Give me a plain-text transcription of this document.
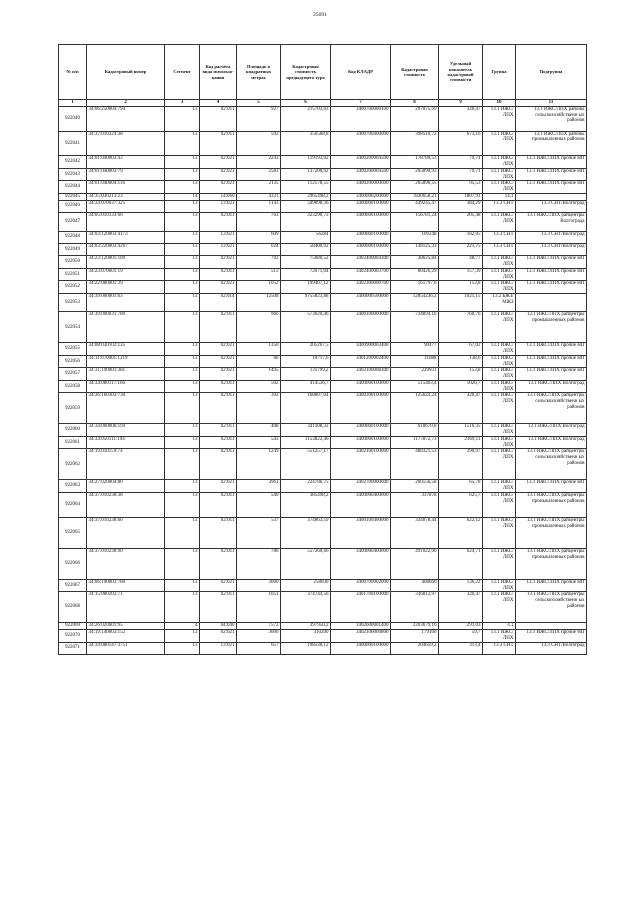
25091
№ п/п	Кадастровый номер	Сегмент	Код расчёта вида использо-вания	Площадь в квадратных метрах	Кадастровая стоимость предыдущего тура	Код КЛАДР	Кадастровая стоимость	Удельный показатель кадастровой стоимости	Группа	Подгруппа
1	2	3	4	5	6	7	8	9	10	11
922040	34:06:250004:794	13	02:011	927	215703,63	3400700000100	297075,69	320,47	13.1 ИЖС/ЛПХ	13.1 ИЖС/ЛПХ районы сельскохозяйственн ых районов
922041	34:37:010324:38	13	02:011	592	356568,8	3400700400000	398510,72	673,16	13.1 ИЖС/ЛПХ	13.1 ИЖС/ЛПХ районы промышленных районов
922042	34:01:040003:43	13	02:021	2243	119193,02	3400200004500	178789,53	79,71	13.1 ИЖС/ЛПХ	13.1 ИЖС/ЛПХ прочие НП
922043	34:01:040003:79	13	02:021	2583	137200,62	3400200004500	205890,93	79,71	13.1 ИЖС/ЛПХ	13.1 ИЖС/ЛПХ прочие НП
922044	34:01:040004:116	13	02:021	2135	112578,55	3400200000600	205896,55	95,53	13.1 ИЖС/ЛПХ	13.1 ИЖС/ЛПХ прочие НП
922045	34:35:030213:23	14	14:060	4331	2965498,2	3400000200000	7830658,21	1807,91	14.1	
922046	34:34:070037:325	13	13:021	1143	509898,36	3400000100000	439245,47	384,29	13.3 СНТ	13.3 СНТ/Волгоград
922047	34:05:010133:66	13	02:011	763	323290,73	3400600100000	156781,24	205,48	13.1 ИЖС/ЛПХ	13.1 ИЖС/ЛПХ райцентры Волгограда
922048	34:03:120003:4173	13	13:021	609	56284	3400000100000	109248	182,05	13.3 СНТ	13.3 СНТ/Волгоград
922049	34:03:220003:4267	13	13:021	624	58400,02	3400000100000	138125,33	221,75	13.3 СНТ	13.3 СНТ/Волгоград
922050	34:23:120001:109	13	02:021	792	75080,52	3402400004300	38625,84	48,77	13.1 ИЖС/ЛПХ	13.1 ИЖС/ЛПХ прочие НП
922051	34:23:070001:19	13	02:011	513	72071,04	3402400003700	80426,29	157,39	13.1 ИЖС/ЛПХ	13.1 ИЖС/ЛПХ прочие НП
922052	34:22:080001:39	13	02:021	1052	199407,12	3402300000700	161797,6	153,8	13.1 ИЖС/ЛПХ	13.1 ИЖС/ЛПХ прочие НП
922053	34:39:000001:63	13	02:014	12508	9755823,88	3400000500000	12854236,2	1021,15	13.2 БЖЗ/МЖЗ	
922054	34:39:000031:789	13	02:011	966	573620,46	3400100000000	734894,16	760,76	13.1 ИЖС/ЛПХ	13.1 ИЖС/ЛПХ райцентры промышленных районов
922055	34:08:030102:135	13	02:021	1350	205267,5	3400900003400	90477	67,02	13.1 ИЖС/ЛПХ	13.1 ИЖС/ЛПХ прочие НП
922056	34:11:070001:1319	13	02:021	80	10717,6	3401200002400	11088	138,6	13.1 ИЖС/ЛПХ	13.1 ИЖС/ЛПХ прочие НП
922057	34:31:190001:381	13	02:021	1495	131799,2	3403100008300	229931	153,8	13.1 ИЖС/ЛПХ	13.1 ИЖС/ЛПХ прочие НП
922058	34:34:080117:166	13	02:011	502	414536,7	3400000100000	515403,4	1026,7	13.1 ИЖС/ЛПХ	13.1 ИЖС/ЛПХ Волгоград
922059	34:36:160303:730	13	02:011	392	168807,04	3400300100000	125624,24	320,47	13.1 ИЖС/ЛПХ	13.1 ИЖС/ЛПХ райцентры сельскохозяйственн ых районов
922060	34:34:060006:194	13	02:011	408	341308,32	3400000100000	618670,8	1516,35	13.1 ИЖС/ЛПХ	13.1 ИЖС/ЛПХ Волгоград
922061	34:34:050111:194	13	02:011	543	1153822,46	3400000100000	1177872,73	2169,11	13.1 ИЖС/ЛПХ	13.1 ИЖС/ЛПХ Волгоград
922062	34:19:010159:74	13	02:011	1249	551257,17	3402100100000	488321,53	390,97	13.1 ИЖС/ЛПХ	13.1 ИЖС/ЛПХ райцентры сельскохозяйственн ых районов
922063	34:27:020004:80	13	02:021	3961	224786,75	3402700000600	260556,58	65,78	13.1 ИЖС/ЛПХ	13.1 ИЖС/ЛПХ прочие НП
922064	34:37:010238:38	13	02:011	540	385498,2	3400000400000	337878	625,7	13.1 ИЖС/ЛПХ	13.1 ИЖС/ЛПХ райцентры промышленных районов
922065	34:37:010238:66	13	02:011	537	374863,59	3400100400000	334078,44	622,12	13.1 ИЖС/ЛПХ	13.1 ИЖС/ЛПХ райцентры промышленных районов
922066	34:37:010238:90	13	02:011	786	557360,66	3400000400000	491022,06	624,71	13.1 ИЖС/ЛПХ	13.1 ИЖС/ЛПХ райцентры промышленных районов
922067	34:06:190003:780	13	02:021	3000	258030	3400700002000	408660	136,22	13.1 ИЖС/ЛПХ	13.1 ИЖС/ЛПХ прочие НП
922068	34:15:080203:71	13	02:011	1051	374744,56	3401700100000	336813,97	320,47	13.1 ИЖС/ЛПХ	13.1 ИЖС/ЛПХ райцентры сельскохозяйственн ых районов
922069	34:26:020601:95	4	04:040	7572	397950,2	3402600001400	2203679,16	291,03	4.1	
922070	34:19:140003:152	13	02:021	3000	310200	3402100000800	179100	59,7	13.1 ИЖС/ЛПХ	13.1 ИЖС/ЛПХ прочие НП
922071	34:34:080147:3751	13	13:021	657	198538,12	3400000100000	204659,2	313,4	13.3 СНТ	13.3 СНТ/Волгоград
